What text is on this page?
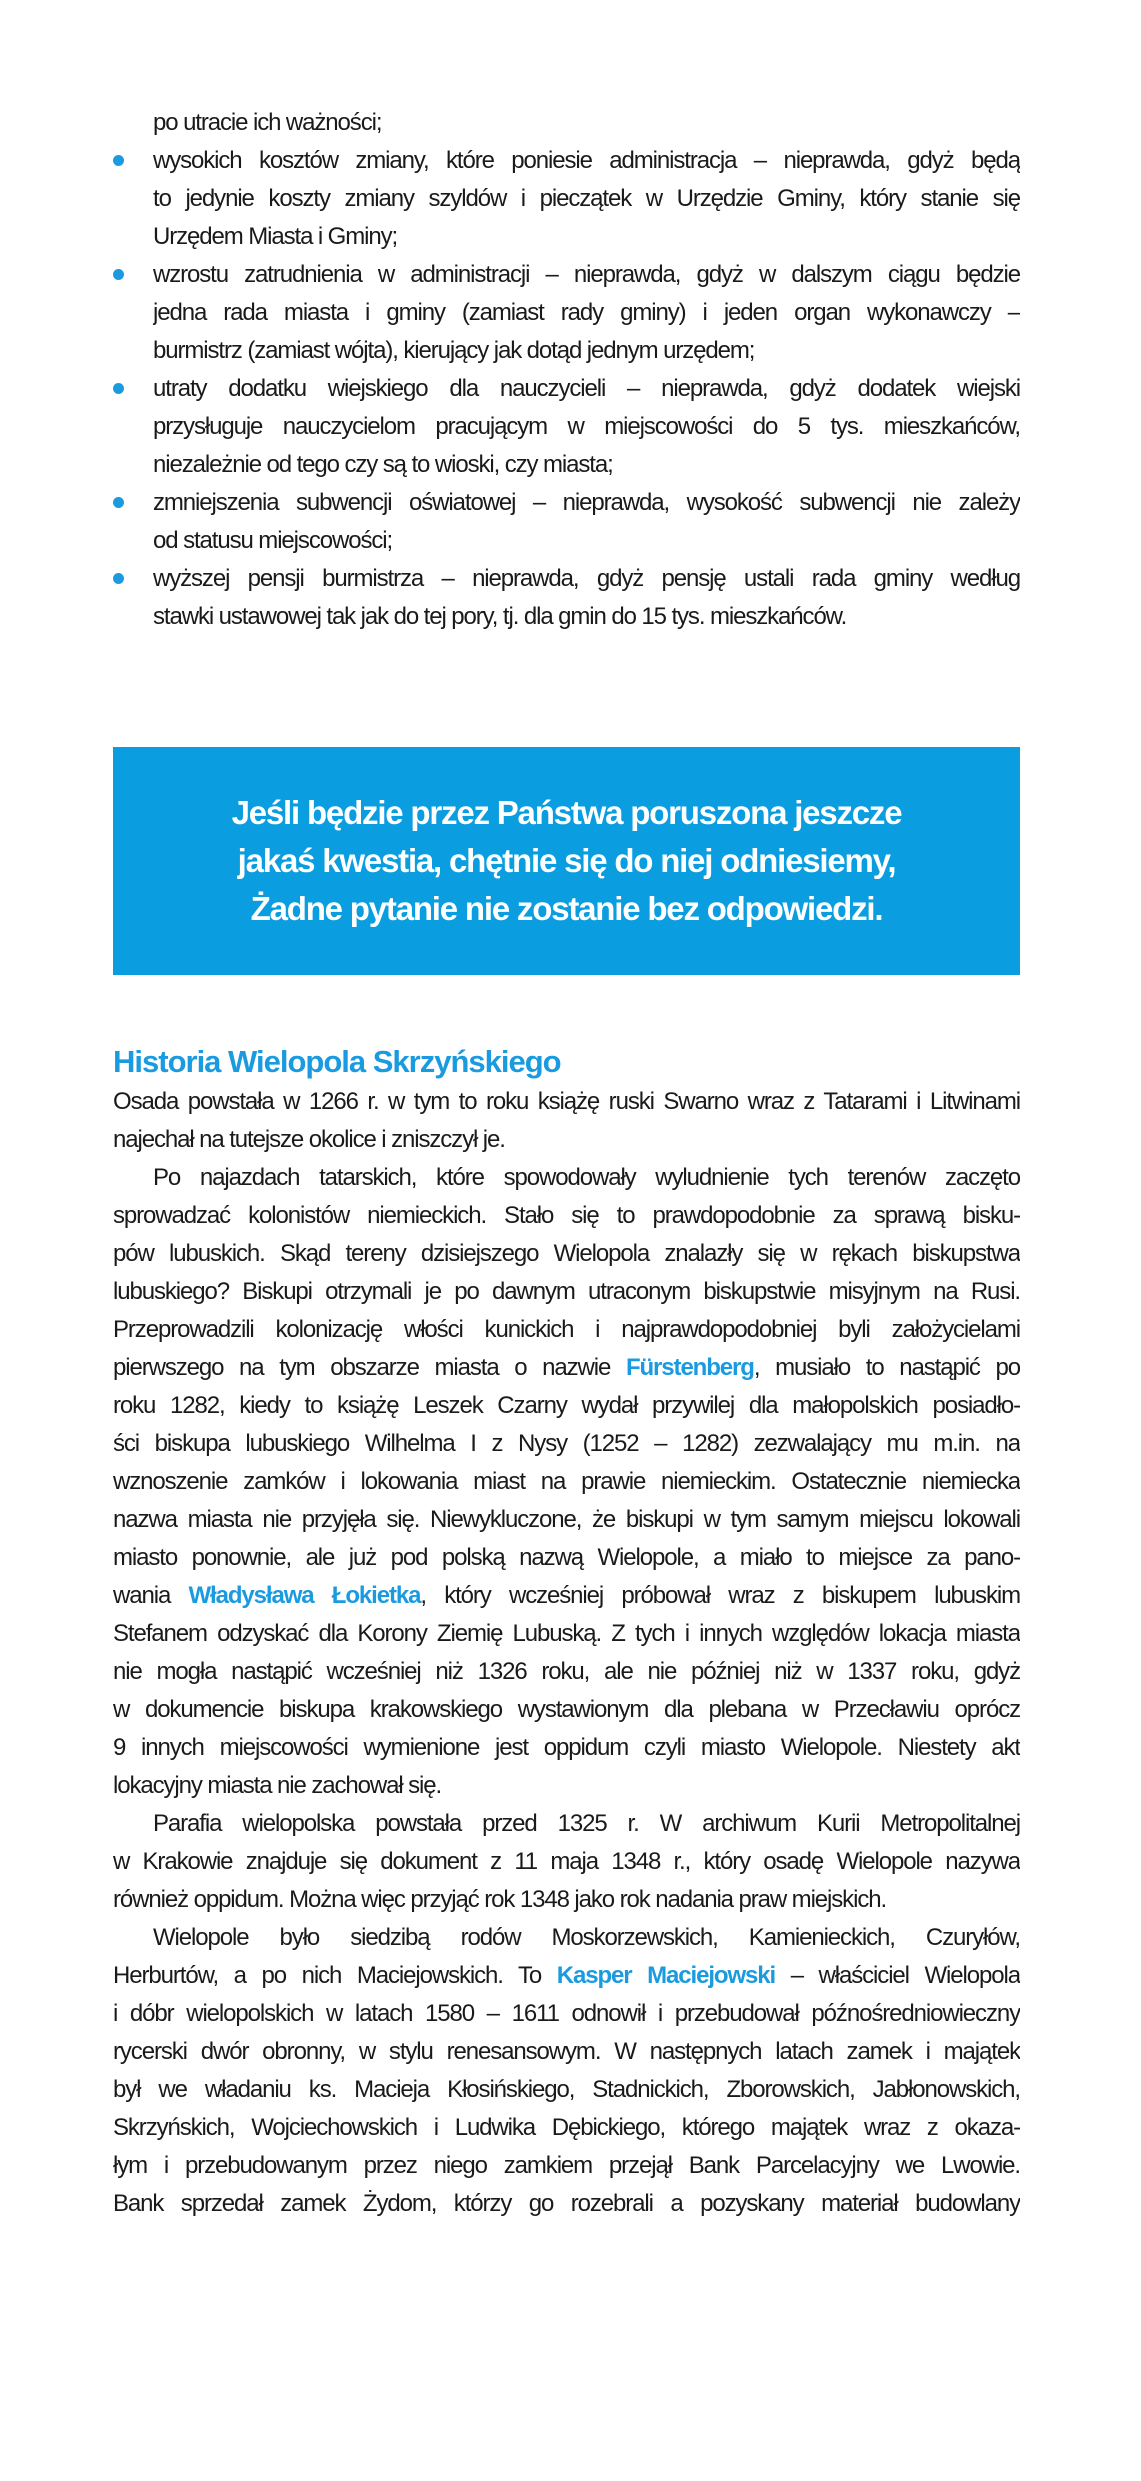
po utracie ich ważności;
wysokich kosztów zmiany, które poniesie administracja – nieprawda, gdyż będą
to jedynie koszty zmiany szyldów i pieczątek w Urzędzie Gminy, który stanie się
Urzędem Miasta i Gminy;
wzrostu zatrudnienia w administracji – nieprawda, gdyż w dalszym ciągu będzie
jedna rada miasta i gminy (zamiast rady gminy) i jeden organ wykonawczy –
burmistrz (zamiast wójta), kierujący jak dotąd jednym urzędem;
utraty dodatku wiejskiego dla nauczycieli – nieprawda, gdyż dodatek wiejski
przysługuje nauczycielom pracującym w miejscowości do 5 tys. mieszkańców,
niezależnie od tego czy są to wioski, czy miasta;
zmniejszenia subwencji oświatowej – nieprawda, wysokość subwencji nie zależy
od statusu miejscowości;
wyższej pensji burmistrza – nieprawda, gdyż pensję ustali rada gminy według
stawki ustawowej tak jak do tej pory, tj. dla gmin do 15 tys. mieszkańców.
Jeśli będzie przez Państwa poruszona jeszcze
jakaś kwestia, chętnie się do niej odniesiemy,
Żadne pytanie nie zostanie bez odpowiedzi.
Historia Wielopola Skrzyńskiego
Osada powstała w 1266 r. w tym to roku książę ruski Swarno wraz z Tatarami i Litwinami
najechał na tutejsze okolice i zniszczył je.
Po najazdach tatarskich, które spowodowały wyludnienie tych terenów zaczęto
sprowadzać kolonistów niemieckich. Stało się to prawdopodobnie za sprawą bisku-
pów lubuskich. Skąd tereny dzisiejszego Wielopola znalazły się w rękach biskupstwa
lubuskiego? Biskupi otrzymali je po dawnym utraconym biskupstwie misyjnym na Rusi.
Przeprowadzili kolonizację włości kunickich i najprawdopodobniej byli założycielami
pierwszego na tym obszarze miasta o nazwie Fürstenberg, musiało to nastąpić po
roku 1282, kiedy to książę Leszek Czarny wydał przywilej dla małopolskich posiadło-
ści biskupa lubuskiego Wilhelma I z Nysy (1252 – 1282) zezwalający mu m.in. na
wznoszenie zamków i lokowania miast na prawie niemieckim. Ostatecznie niemiecka
nazwa miasta nie przyjęła się. Niewykluczone, że biskupi w tym samym miejscu lokowali
miasto ponownie, ale już pod polską nazwą Wielopole, a miało to miejsce za pano-
wania Władysława Łokietka, który wcześniej próbował wraz z biskupem lubuskim
Stefanem odzyskać dla Korony Ziemię Lubuską. Z tych i innych względów lokacja miasta
nie mogła nastąpić wcześniej niż 1326 roku, ale nie później niż w 1337 roku, gdyż
w dokumencie biskupa krakowskiego wystawionym dla plebana w Przecławiu oprócz
9 innych miejscowości wymienione jest oppidum czyli miasto Wielopole. Niestety akt
lokacyjny miasta nie zachował się.
Parafia wielopolska powstała przed 1325 r. W archiwum Kurii Metropolitalnej
w Krakowie znajduje się dokument z 11 maja 1348 r., który osadę Wielopole nazywa
również oppidum. Można więc przyjąć rok 1348 jako rok nadania praw miejskich.
Wielopole było siedzibą rodów Moskorzewskich, Kamienieckich, Czuryłów,
Herburtów, a po nich Maciejowskich. To Kasper Maciejowski – właściciel Wielopola
i dóbr wielopolskich w latach 1580 – 1611 odnowił i przebudował późnośredniowieczny
rycerski dwór obronny, w stylu renesansowym. W następnych latach zamek i majątek
był we władaniu ks. Macieja Kłosińskiego, Stadnickich, Zborowskich, Jabłonowskich,
Skrzyńskich, Wojciechowskich i Ludwika Dębickiego, którego majątek wraz z okaza-
łym i przebudowanym przez niego zamkiem przejął Bank Parcelacyjny we Lwowie.
Bank sprzedał zamek Żydom, którzy go rozebrali a pozyskany materiał budowlany
